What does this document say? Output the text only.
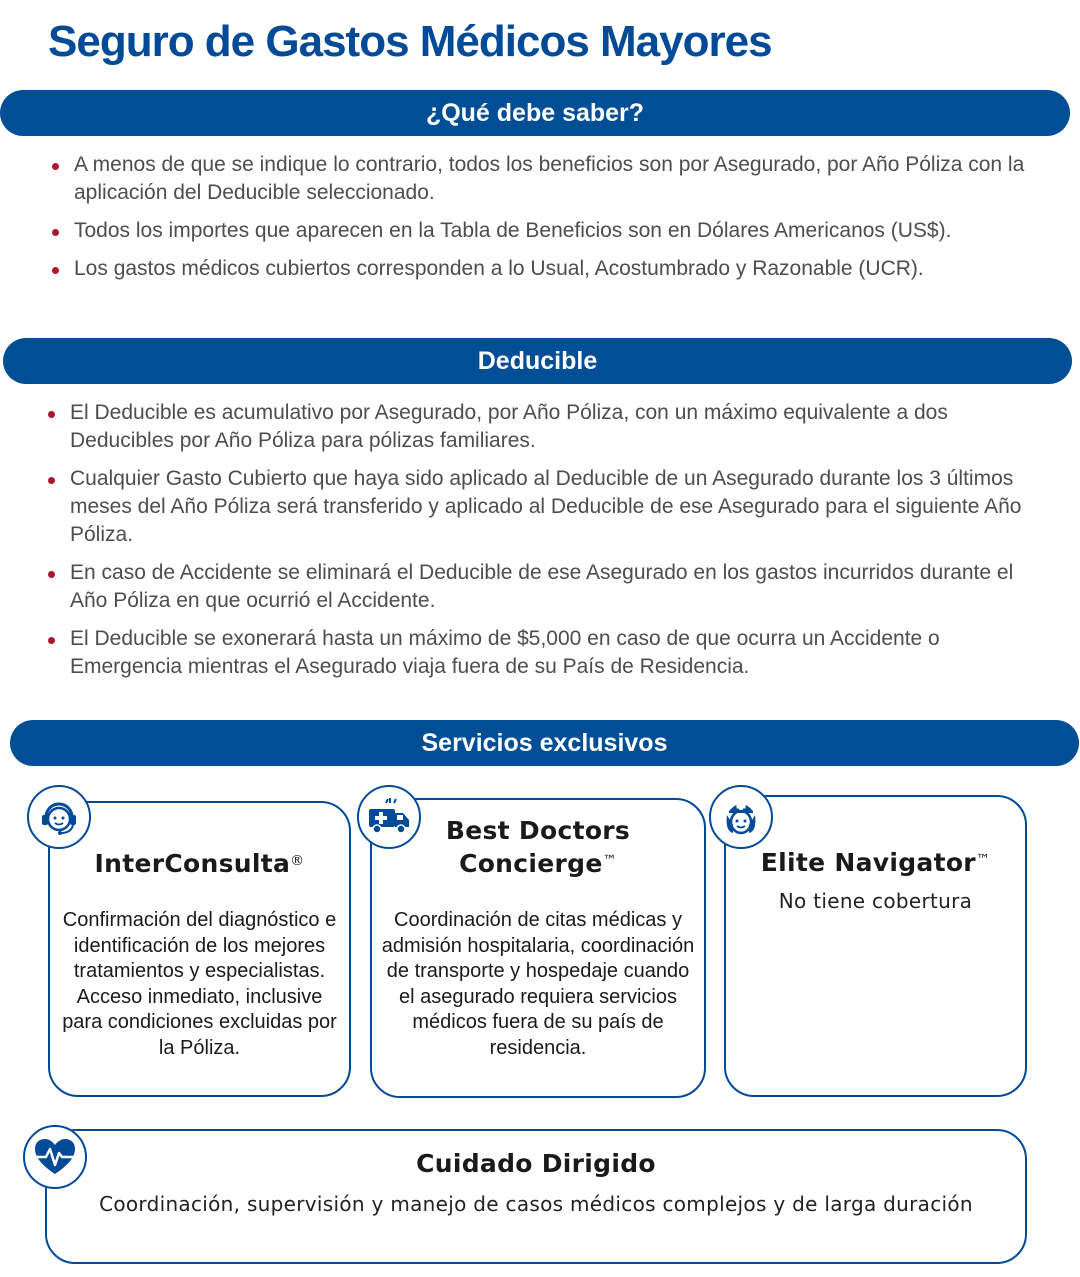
Seguro de Gastos Médicos Mayores
¿Qué debe saber?
A menos de que se indique lo contrario, todos los beneficios son por Asegurado, por Año Póliza con la aplicación del Deducible seleccionado.
Todos los importes que aparecen en la Tabla de Beneficios son en Dólares Americanos (US$).
Los gastos médicos cubiertos corresponden a lo Usual, Acostumbrado y Razonable (UCR).
Deducible
El Deducible es acumulativo por Asegurado, por Año Póliza, con un máximo equivalente a dos Deducibles por Año Póliza para pólizas familiares.
Cualquier Gasto Cubierto que haya sido aplicado al Deducible de un Asegurado durante los 3 últimos meses del Año Póliza será transferido y aplicado al Deducible de ese Asegurado para el siguiente Año Póliza.
En caso de Accidente se eliminará el Deducible de ese Asegurado en los gastos incurridos durante el Año Póliza en que ocurrió el Accidente.
El Deducible se exonerará hasta un máximo de $5,000 en caso de que ocurra un Accidente o Emergencia mientras el Asegurado viaja fuera de su País de Residencia.
Servicios exclusivos
InterConsulta®
Confirmación del diagnóstico e identificación de los mejores tratamientos y especialistas. Acceso inmediato, inclusive para condiciones excluidas por la Póliza.
Best Doctors
Concierge™
Coordinación de citas médicas y admisión hospitalaria, coordinación de transporte y hospedaje cuando el asegurado requiera servicios médicos fuera de su país de residencia.
Elite Navigator™
No tiene cobertura
Cuidado Dirigido
Coordinación, supervisión y manejo de casos médicos complejos y de larga duración
